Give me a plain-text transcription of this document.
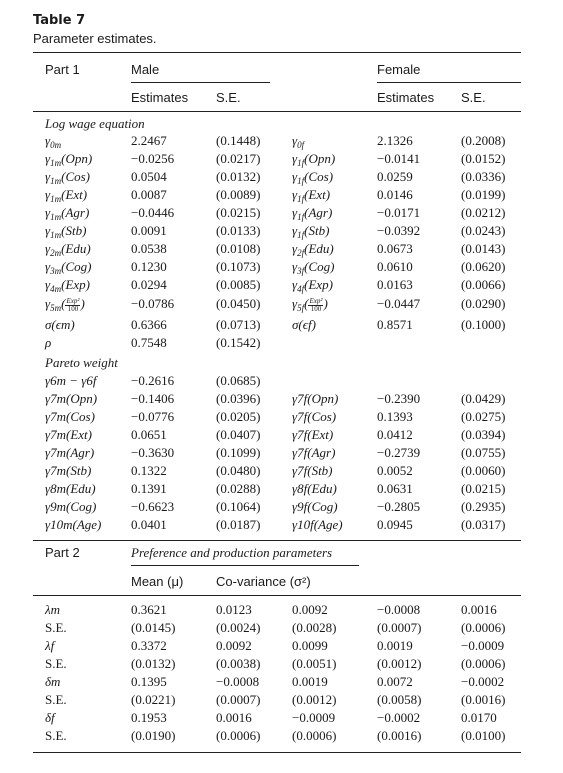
Table 7
Parameter estimates.
Part 1	Male	Female
Estimates S.E.	Estimates S.E.
Log wage equation
$\gamma_{0m}$	2.2467	(0.1448) $\gamma_{0f}$	2.1326	(0.2008)
$\gamma_{1m}(Opn)$	−0.0256	(0.0217) $\gamma_{1f}(Opn)$	−0.0141	(0.0152)
$\gamma_{1m}(Cos)$	0.0504	(0.0132) $\gamma_{1f}(Cos)$	0.0259	(0.0336)
$\gamma_{1m}(Ext)$	0.0087	(0.0089) $\gamma_{1f}(Ext)$	0.0146	(0.0199)
$\gamma_{1m}(Agr)$	−0.0446	(0.0215) $\gamma_{1f}(Agr)$	−0.0171	(0.0212)
$\gamma_{1m}(Stb)$	0.0091	(0.0133) $\gamma_{1f}(Stb)$	−0.0392	(0.0243)
$\gamma_{2m}(Edu)$	0.0538	(0.0108) $\gamma_{2f}(Edu)$	0.0673	(0.0143)
$\gamma_{3m}(Cog)$	0.1230	(0.1073) $\gamma_{3f}(Cog)$	0.0610	(0.0620)
$\gamma_{4m}(Exp)$	0.0294	(0.0085) $\gamma_{4f}(Exp)$	0.0163	(0.0066)
$\gamma_{5m}( \frac{\text{Exp²}}{100}$ )	−0.0786	(0.0450) $\gamma_{5f}( \frac{\text{Exp²}}{100}$ )	−0.0447	(0.0290)
σ(ϵm)	0.6366	(0.0713) σ(ϵf)	0.8571	(0.1000)
ρ	0.7548	(0.1542)
Pareto weight
γ6m − γ6f	−0.2616	(0.0685)
γ7m(Opn)	−0.1406	(0.0396) γ7f(Opn)	−0.2390	(0.0429)
γ7m(Cos)	−0.0776	(0.0205) γ7f(Cos)	0.1393	(0.0275)
γ7m(Ext)	0.0651	(0.0407) γ7f(Ext)	0.0412	(0.0394)
γ7m(Agr)	−0.3630	(0.1099) γ7f(Agr)	−0.2739	(0.0755)
γ7m(Stb)	0.1322	(0.0480) γ7f(Stb)	0.0052	(0.0060)
γ8m(Edu)	0.1391	(0.0288) γ8f(Edu)	0.0631	(0.0215)
γ9m(Cog)	−0.6623	(0.1064) γ9f(Cog)	−0.2805	(0.2935)
γ10m(Age) 0.0401	(0.0187) γ10f(Age)	0.0945	(0.0317)
Part 2	Preference and production parameters
Mean (μ)	Co-variance (σ²)
λm	0.3621	0.0123	0.0092	−0.0008	0.0016
S.E.	(0.0145)	(0.0024) (0.0028)	(0.0007)	(0.0006)
λf	0.3372	0.0092	0.0099	0.0019	−0.0009
S.E.	(0.0132)	(0.0038) (0.0051)	(0.0012)	(0.0006)
δm	0.1395	−0.0008	0.0019	0.0072	−0.0002
S.E.	(0.0221)	(0.0007) (0.0012)	(0.0058)	(0.0016)
δf	0.1953	0.0016	−0.0009	−0.0002	0.0170
S.E.	(0.0190)	(0.0006) (0.0006)	(0.0016)	(0.0100)
